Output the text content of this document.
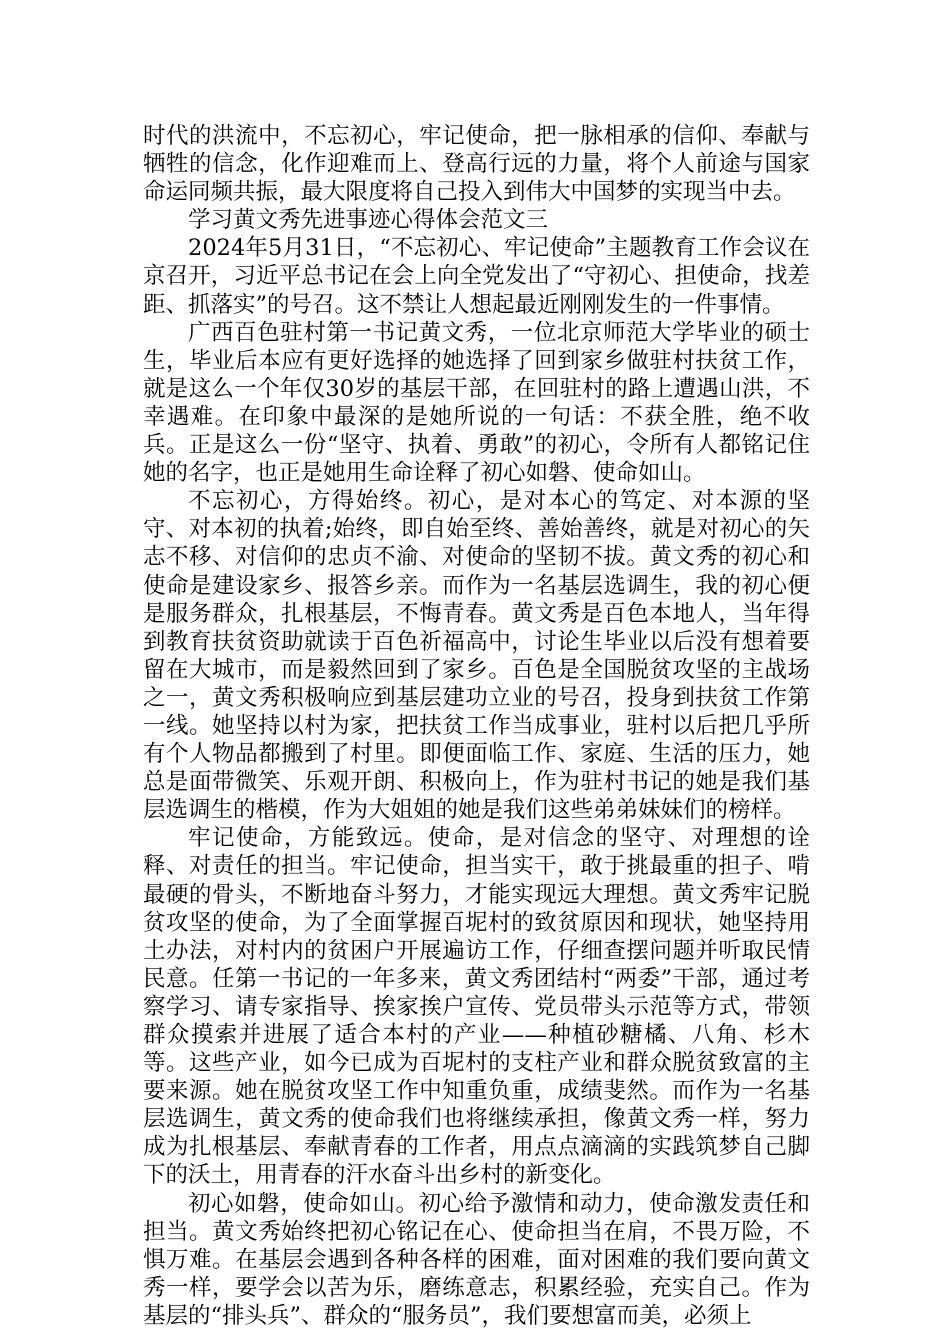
时代的洪流中，不忘初心，牢记使命，把一脉相承的信仰、奉献与牺牲的信念，化作迎难而上、登高行远的力量，将个人前途与国家命运同频共振，最大限度将自己投入到伟大中国梦的实现当中去。

学习黄文秀先进事迹心得体会范文三

2024年5月31日，“不忘初心、牢记使命”主题教育工作会议在京召开，习近平总书记在会上向全党发出了“守初心、担使命，找差距、抓落实”的号召。这不禁让人想起最近刚刚发生的一件事情。

广西百色驻村第一书记黄文秀，一位北京师范大学毕业的硕士生，毕业后本应有更好选择的她选择了回到家乡做驻村扶贫工作，就是这么一个年仅30岁的基层干部，在回驻村的路上遭遇山洪，不幸遇难。在印象中最深的是她所说的一句话：不获全胜，绝不收兵。正是这么一份“坚守、执着、勇敢”的初心，令所有人都铭记住她的名字，也正是她用生命诠释了初心如磐、使命如山。

不忘初心，方得始终。初心，是对本心的笃定、对本源的坚守、对本初的执着;始终，即自始至终、善始善终，就是对初心的矢志不移、对信仰的忠贞不渝、对使命的坚韧不拔。黄文秀的初心和使命是建设家乡、报答乡亲。而作为一名基层选调生，我的初心便是服务群众，扎根基层，不悔青春。黄文秀是百色本地人，当年得到教育扶贫资助就读于百色祈福高中，讨论生毕业以后没有想着要留在大城市，而是毅然回到了家乡。百色是全国脱贫攻坚的主战场之一，黄文秀积极响应到基层建功立业的号召，投身到扶贫工作第一线。她坚持以村为家，把扶贫工作当成事业，驻村以后把几乎所有个人物品都搬到了村里。即便面临工作、家庭、生活的压力，她总是面带微笑、乐观开朗、积极向上，作为驻村书记的她是我们基层选调生的楷模，作为大姐姐的她是我们这些弟弟妹妹们的榜样。

牢记使命，方能致远。使命，是对信念的坚守、对理想的诠释、对责任的担当。牢记使命，担当实干，敢于挑最重的担子、啃最硬的骨头，不断地奋斗努力，才能实现远大理想。黄文秀牢记脱贫攻坚的使命，为了全面掌握百坭村的致贫原因和现状，她坚持用土办法，对村内的贫困户开展遍访工作，仔细查摆问题并听取民情民意。任第一书记的一年多来，黄文秀团结村“两委”干部，通过考察学习、请专家指导、挨家挨户宣传、党员带头示范等方式，带领群众摸索并进展了适合本村的产业——种植砂糖橘、八角、杉木等。这些产业，如今已成为百坭村的支柱产业和群众脱贫致富的主要来源。她在脱贫攻坚工作中知重负重，成绩斐然。而作为一名基层选调生，黄文秀的使命我们也将继续承担，像黄文秀一样，努力成为扎根基层、奉献青春的工作者，用点点滴滴的实践筑梦自己脚下的沃土，用青春的汗水奋斗出乡村的新变化。

初心如磐，使命如山。初心给予激情和动力，使命激发责任和担当。黄文秀始终把初心铭记在心、使命担当在肩，不畏万险，不惧万难。在基层会遇到各种各样的困难，面对困难的我们要向黄文秀一样，要学会以苦为乐，磨练意志，积累经验，充实自己。作为基层的“排头兵”、群众的“服务员”，我们要想富而美，必须上
